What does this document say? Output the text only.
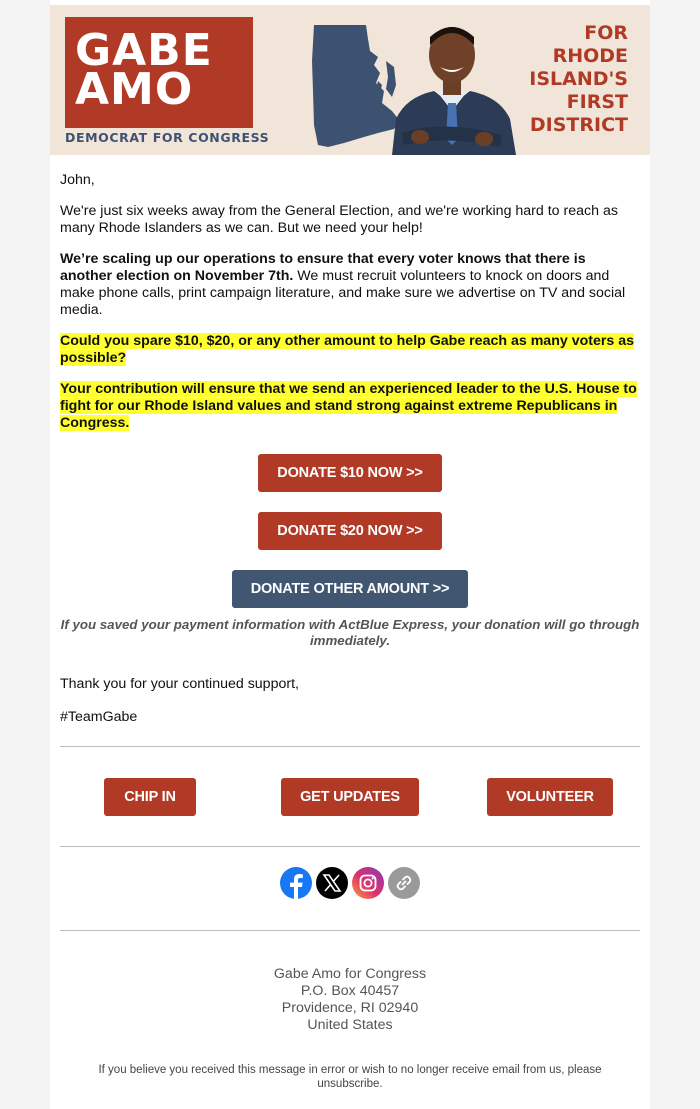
GABE
AMO
DEMOCRAT FOR CONGRESS
FOR
RHODE
ISLAND'S
FIRST
DISTRICT

John,

We're just six weeks away from the General Election, and we're working hard to reach as many Rhode Islanders as we can. But we need your help!

We’re scaling up our operations to ensure that every voter knows that there is another election on November 7th. We must recruit volunteers to knock on doors and make phone calls, print campaign literature, and make sure we advertise on TV and social media.

Could you spare $10, $20, or any other amount to help Gabe reach as many voters as possible?

Your contribution will ensure that we send an experienced leader to the U.S. House to fight for our Rhode Island values and stand strong against extreme Republicans in Congress.

DONATE $10 NOW >>
DONATE $20 NOW >>
DONATE OTHER AMOUNT >>
If you saved your payment information with ActBlue Express, your donation will go through immediately.
Thank you for your continued support,
#TeamGabe
CHIP IN	GET UPDATES	VOLUNTEER
Gabe Amo for Congress
P.O. Box 40457
Providence, RI 02940
United States
If you believe you received this message in error or wish to no longer receive email from us, please unsubscribe.
